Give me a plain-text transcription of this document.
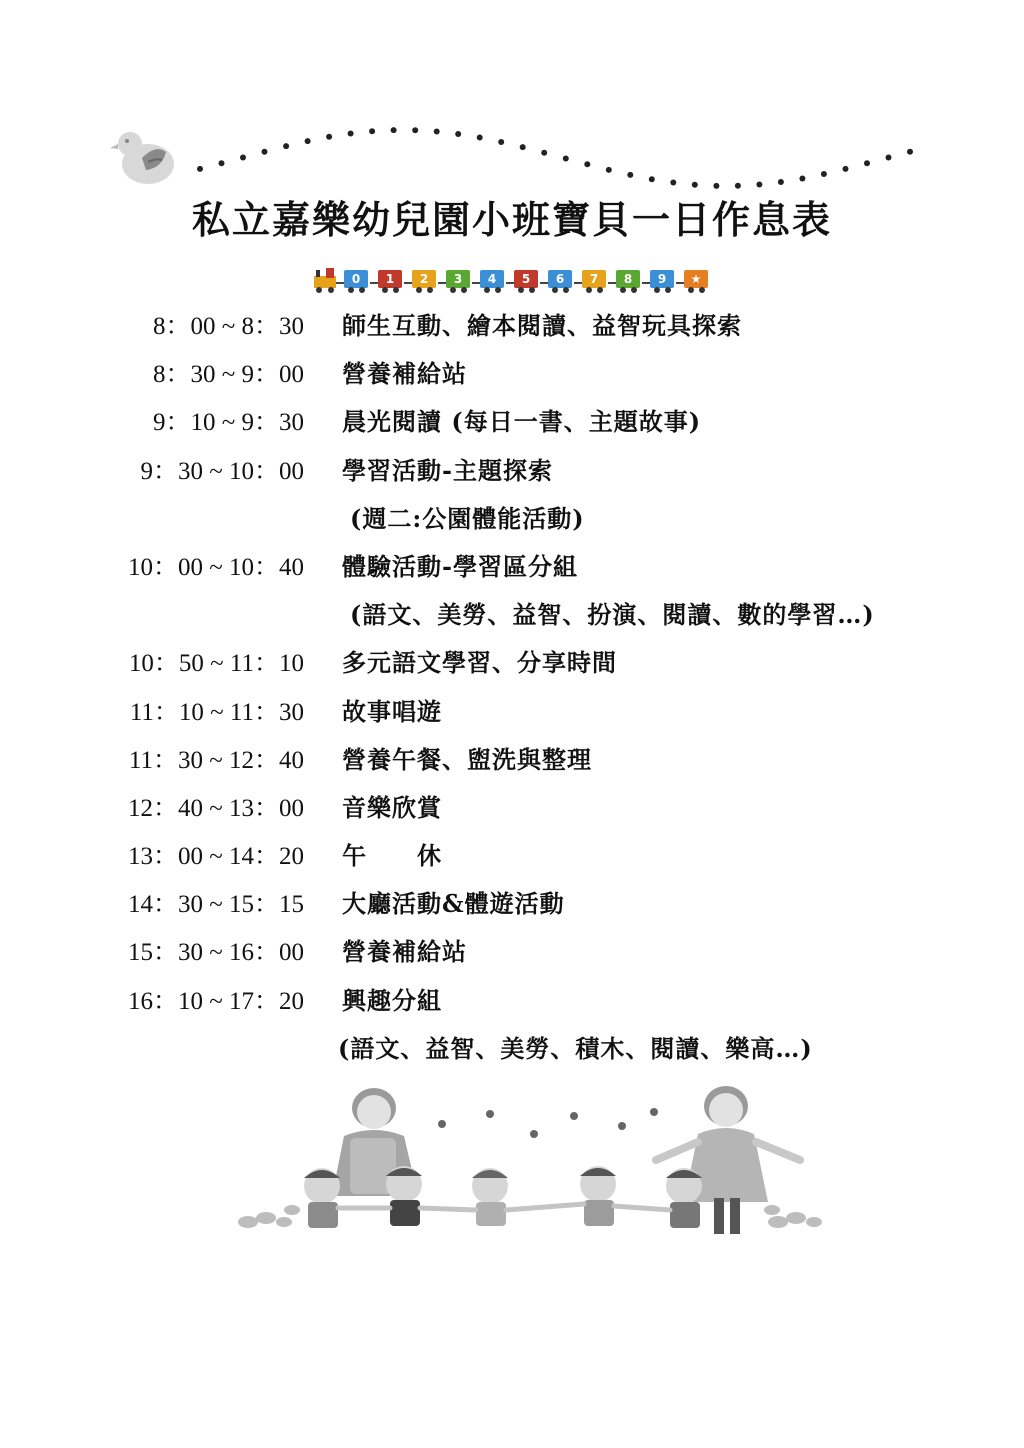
私立嘉樂幼兒園小班寶貝一日作息表
0	1	2	3	4	5	6	7	8	9	★
8：00 ~ 8：30 師生互動、繪本閱讀、益智玩具探索
8：30 ~ 9：00 營養補給站
9：10 ~ 9：30 晨光閱讀 (每日一書、主題故事)
9：30 ~ 10：00 學習活動-主題探索
(週二:公園體能活動)
10：00 ~ 10：40 體驗活動-學習區分組
(語文、美勞、益智、扮演、閱讀、數的學習…)
10：50 ~ 11：10 多元語文學習、分享時間
11：10 ~ 11：30 故事唱遊
11：30 ~ 12：40 營養午餐、盥洗與整理
12：40 ~ 13：00 音樂欣賞
13：00 ~ 14：20 午　　休
14：30 ~ 15：15 大廳活動&體遊活動
15：30 ~ 16：00 營養補給站
16：10 ~ 17：20 興趣分組
(語文、益智、美勞、積木、閱讀、樂高…)
